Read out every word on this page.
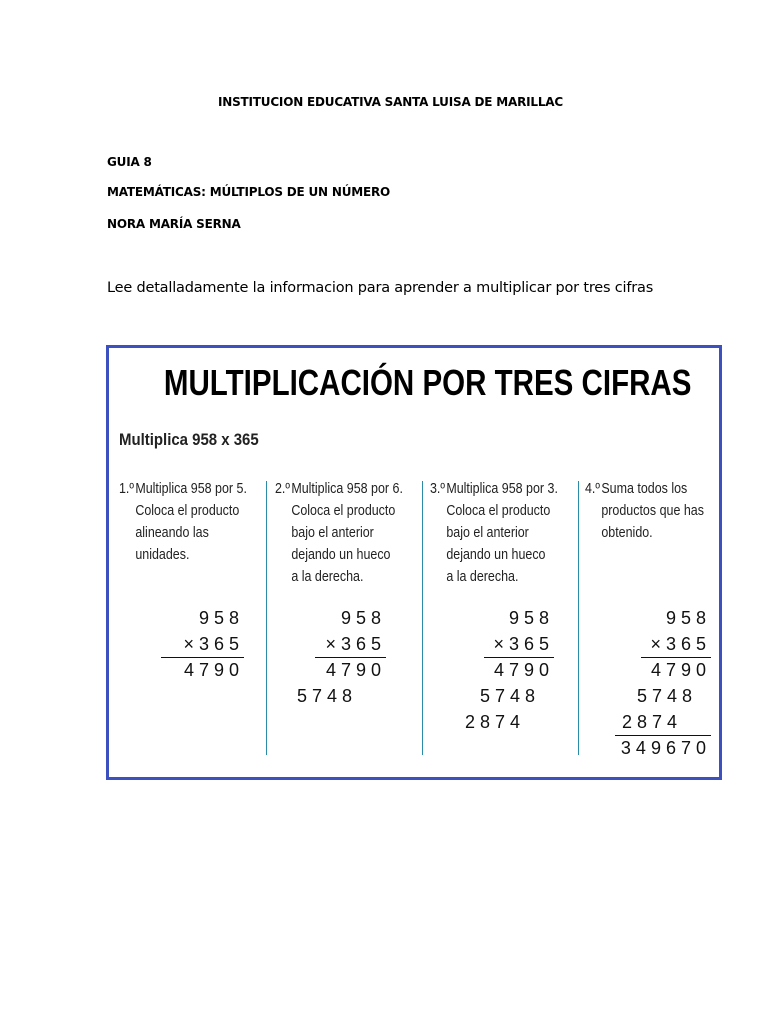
INSTITUCION EDUCATIVA SANTA LUISA DE MARILLAC
GUIA 8
MATEMÁTICAS: MÚLTIPLOS DE UN NÚMERO
NORA MARÍA SERNA
Lee detalladamente la informacion para aprender a multiplicar por tres cifras
MULTIPLICACIÓN POR TRES CIFRAS
Multiplica 958 x 365
1.ºMultiplica 958 por 5.
Coloca el producto
alineando las
unidades.
958
×365
4790
2.ºMultiplica 958 por 6.
Coloca el producto
bajo el anterior
dejando un hueco
a la derecha.
958
×365
4790
5748
3.ºMultiplica 958 por 3.
Coloca el producto
bajo el anterior
dejando un hueco
a la derecha.
958
×365
4790
5748
2874
4.ºSuma todos los
productos que has
obtenido.
958
×365
4790
5748
2874
349670
